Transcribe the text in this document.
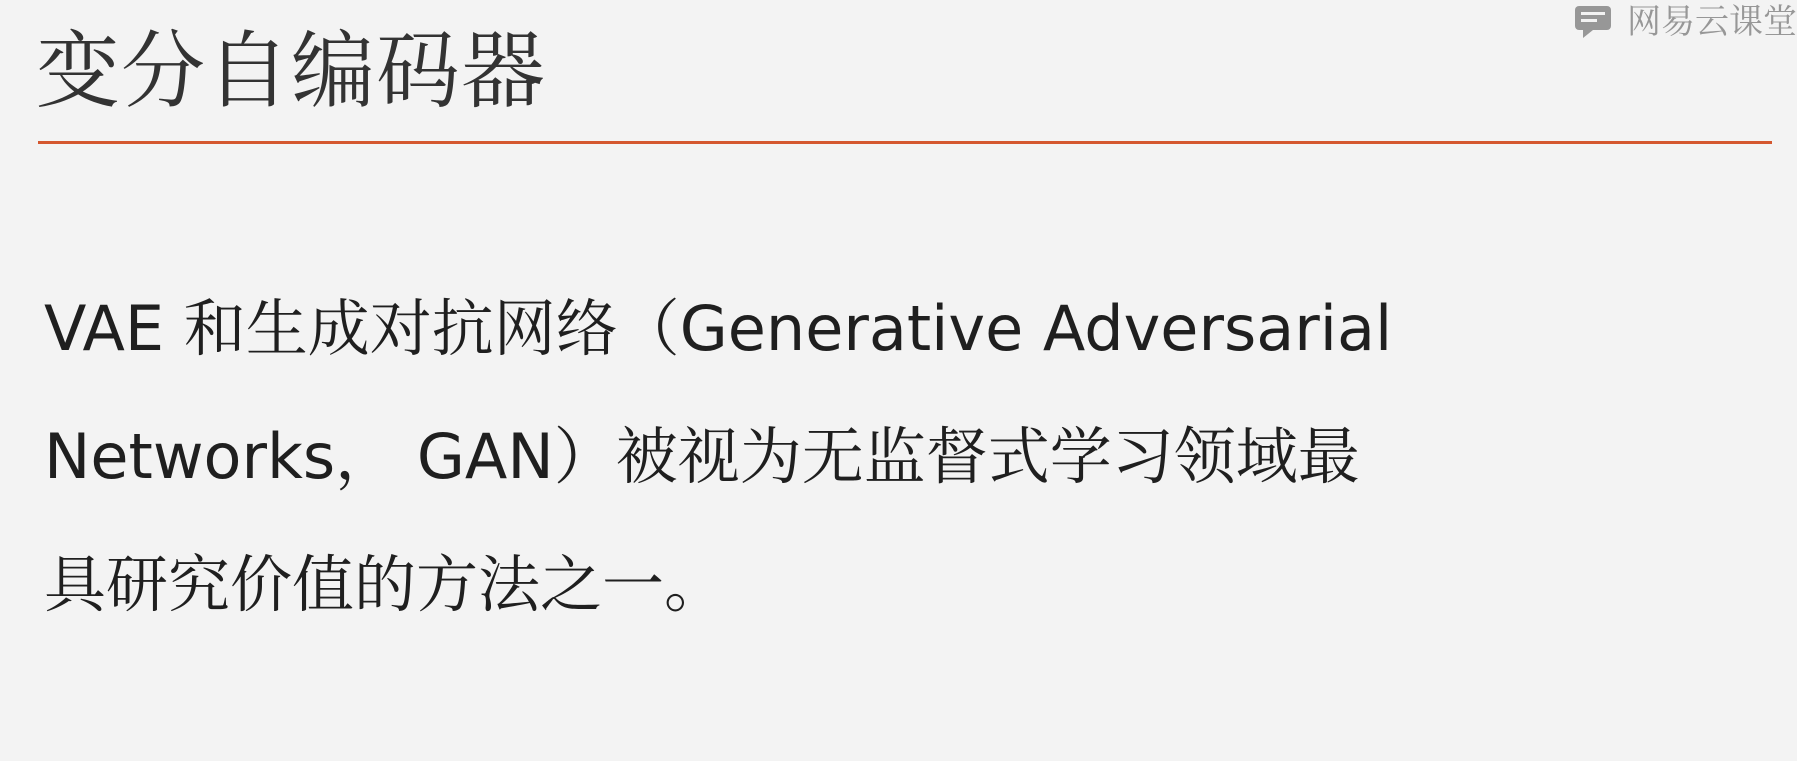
网易云课堂
变分自编码器
VAE 和生成对抗网络（Generative Adversarial
Networks， GAN）被视为无监督式学习领域最
具研究价值的方法之一。
